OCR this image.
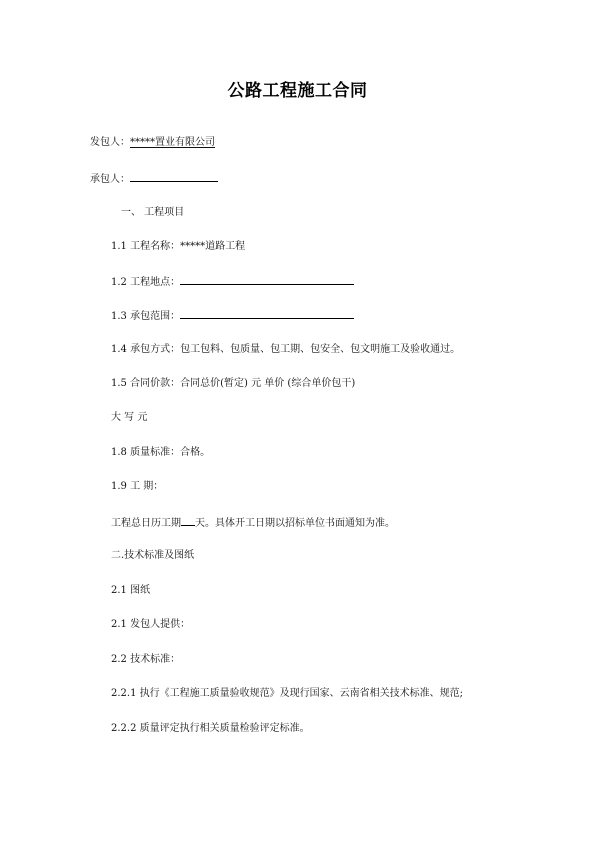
公路工程施工合同
发包人：*****置业有限公司
承包人：
一、 工程项目
1.1 工程名称：*****道路工程
1.2 工程地点：
1.3 承包范围：
1.4 承包方式：包工包料、包质量、包工期、包安全、包文明施工及验收通过。
1.5 合同价款：合同总价(暂定) 元 单价 (综合单价包干)
大 写 元
1.8 质量标准：合格。
1.9 工 期：
工程总日历工期 天。具体开工日期以招标单位书面通知为准。
二.技术标准及图纸
2.1 图纸
2.1 发包人提供：
2.2 技术标准：
2.2.1 执行《工程施工质量验收规范》及现行国家、云南省相关技术标准、规范;
2.2.2 质量评定执行相关质量检验评定标准。
